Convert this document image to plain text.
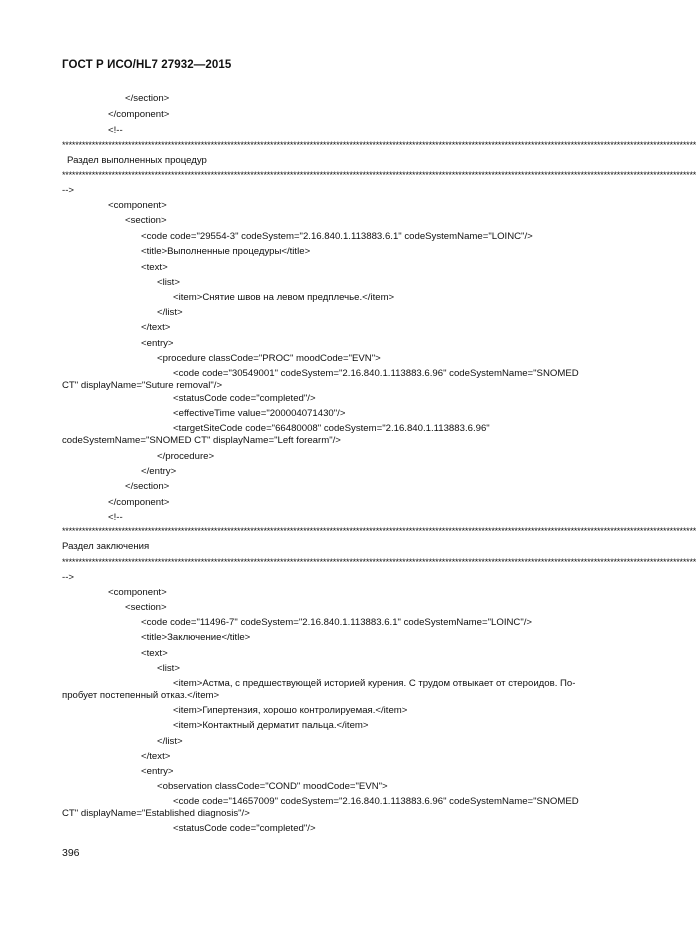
ГОСТ Р ИСО/HL7 27932—2015
</section>
</component>
<!--
************************************************************************************************************************************************************************************************
Раздел выполненных процедур
************************************************************************************************************************************************************************************************
-->
<component>
<section>
<code code="29554-3" codeSystem="2.16.840.1.113883.6.1" codeSystemName="LOINC"/>
<title>Выполненные процедуры</title>
<text>
<list>
<item>Снятие швов на левом предплечье.</item>
</list>
</text>
<entry>
<procedure classCode="PROC" moodCode="EVN">
<code code="30549001" codeSystem="2.16.840.1.113883.6.96" codeSystemName="SNOMED
CT" displayName="Suture removal"/>
<statusCode code="completed"/>
<effectiveTime value="200004071430"/>
<targetSiteCode code="66480008" codeSystem="2.16.840.1.113883.6.96"
codeSystemName="SNOMED CT" displayName="Left forearm"/>
</procedure>
</entry>
</section>
</component>
<!--
************************************************************************************************************************************************************************************************
Раздел заключения
************************************************************************************************************************************************************************************************
-->
<component>
<section>
<code code="11496-7" codeSystem="2.16.840.1.113883.6.1" codeSystemName="LOINC"/>
<title>Заключение</title>
<text>
<list>
<item>Астма, с предшествующей историей курения. С трудом отвыкает от стероидов. По-
пробует постепенный отказ.</item>
<item>Гипертензия, хорошо контролируемая.</item>
<item>Контактный дерматит пальца.</item>
</list>
</text>
<entry>
<observation classCode="COND" moodCode="EVN">
<code code="14657009" codeSystem="2.16.840.1.113883.6.96" codeSystemName="SNOMED
CT" displayName="Established diagnosis"/>
<statusCode code="completed"/>
396
